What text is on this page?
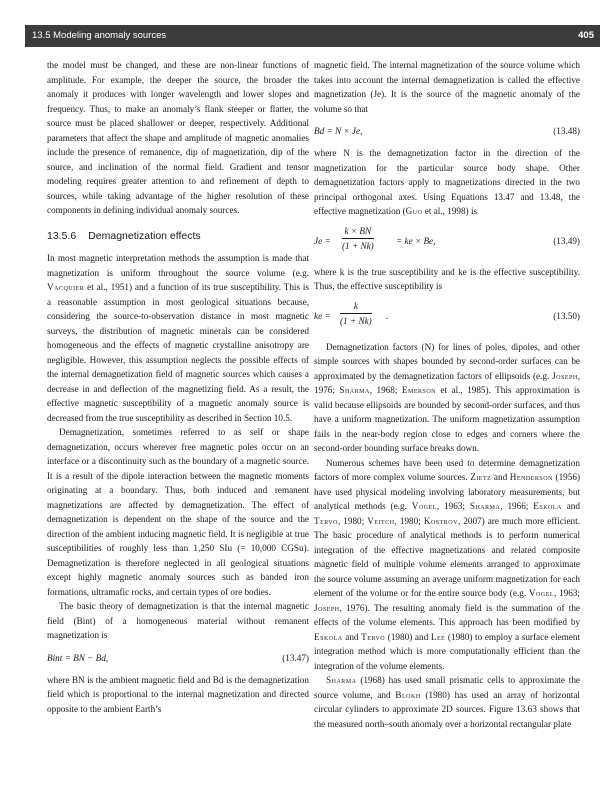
13.5 Modeling anomaly sources	405

the model must be changed, and these are non-linear functions of amplitude. For example, the deeper the source, the broader the anomaly it produces with longer wavelength and lower slopes and frequency. Thus, to make an anomaly’s flank steeper or flatter, the source must be placed shallower or deeper, respectively. Additional parameters that affect the shape and amplitude of magnetic anomalies include the presence of remanence, dip of magnetization, dip of the source, and inclination of the normal field. Gradient and tensor modeling requires greater attention to and refinement of depth to sources, while taking advantage of the higher resolution of these components in defining individual anomaly sources.

13.5.6 Demagnetization effects

In most magnetic interpretation methods the assumption is made that magnetization is uniform throughout the source volume (e.g. Vacquier et al., 1951) and a function of its true susceptibility. This is a reasonable assumption in most geological situations because, considering the source-to-observation distance in most magnetic surveys, the distribution of magnetic minerals can be considered homogeneous and the effects of magnetic crystalline anisotropy are negligible. However, this assumption neglects the possible effects of the internal demagnetization field of magnetic sources which causes a decrease in and deflection of the magnetizing field. As a result, the effective magnetic susceptibility of a magnetic anomaly source is decreased from the true susceptibility as described in Section 10.5.

Demagnetization, sometimes referred to as self or shape demagnetization, occurs wherever free magnetic poles occur on an interface or a discontinuity such as the boundary of a magnetic source. It is a result of the dipole interaction between the magnetic moments originating at a boundary. Thus, both induced and remanent magnetizations are affected by demagnetization. The effect of demagnetization is dependent on the shape of the source and the direction of the ambient inducing magnetic field. It is negligible at true susceptibilities of roughly less than 1,250 SIu (= 10,000 CGSu). Demagnetization is therefore neglected in all geological situations except highly magnetic anomaly sources such as banded iron formations, ultramafic rocks, and certain types of ore bodies.

The basic theory of demagnetization is that the internal magnetic field (Bint) of a homogeneous material without remanent magnetization is

Bint = BN − Bd,	(13.47)

where BN is the ambient magnetic field and Bd is the demagnetization field which is proportional to the internal magnetization and directed opposite to the ambient Earth’s

magnetic field. The internal magnetization of the source volume which takes into account the internal demagnetization is called the effective magnetization (Je). It is the source of the magnetic anomaly of the volume so that

Bd = N × Je,	(13.48)

where N is the demagnetization factor in the direction of the magnetization for the particular source body shape. Other demagnetization factors apply to magnetizations directed in the two principal orthogonal axes. Using Equations 13.47 and 13.48, the effective magnetization (Guo et al., 1998) is

Je =
k × BN
(1 + Nk)
= ke × Be,	(13.49)

where k is the true susceptibility and ke is the effective susceptibility. Thus, the effective susceptibility is

ke =
k
(1 + Nk)
.	(13.50)

Demagnetization factors (N) for lines of poles, dipoles, and other simple sources with shapes bounded by second-order surfaces can be approximated by the demagnetization factors of ellipsoids (e.g. Joseph, 1976; Sharma, 1968; Emerson et al., 1985). This approximation is valid because ellipsoids are bounded by second-order surfaces, and thus have a uniform magnetization. The uniform magnetization assumption fails in the near-body region close to edges and corners where the second-order bounding surface breaks down.

Numerous schemes have been used to determine demagnetization factors of more complex volume sources. Zietz and Henderson (1956) have used physical modeling involving laboratory measurements, but analytical methods (e.g. Vogel, 1963; Sharma, 1966; Eskola and Tervo, 1980; Veitch, 1980; Kostrov, 2007) are much more efficient. The basic procedure of analytical methods is to perform numerical integration of the effective magnetizations and related composite magnetic field of multiple volume elements arranged to approximate the source volume assuming an average uniform magnetization for each element of the volume or for the entire source body (e.g. Vogel, 1963; Joseph, 1976). The resulting anomaly field is the summation of the effects of the volume elements. This approach has been modified by Eskola and Tervo (1980) and Lee (1980) to employ a surface element integration method which is more computationally efficient than the integration of the volume elements.

Sharma (1968) has used small prismatic cells to approximate the source volume, and Blokh (1980) has used an array of horizontal circular cylinders to approximate 2D sources. Figure 13.63 shows that the measured north–south anomaly over a horizontal rectangular plate
